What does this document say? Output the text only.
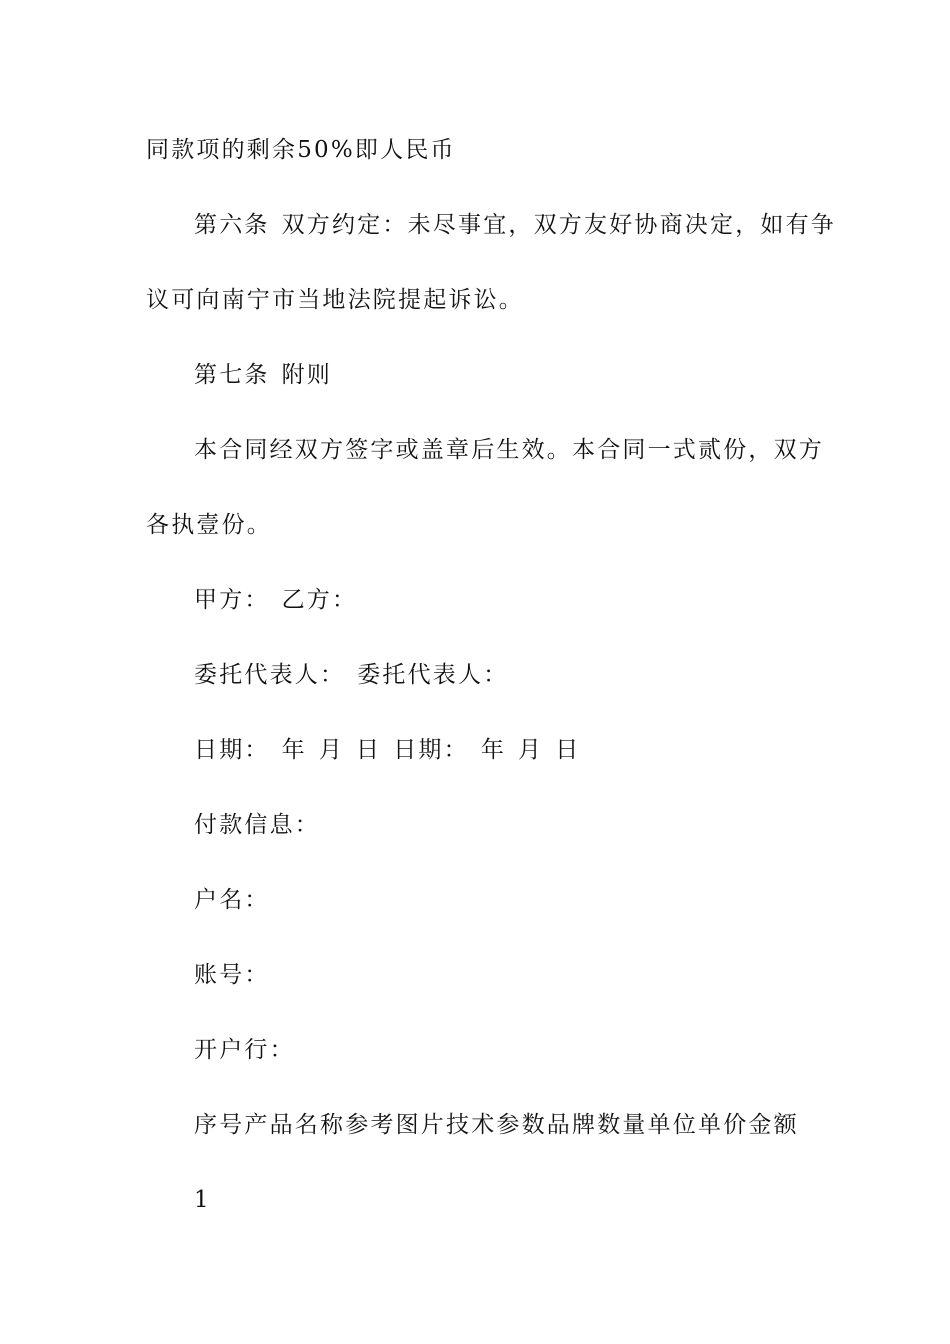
同款项的剩余50%即人民币
第六条 双方约定：未尽事宜，双方友好协商决定，如有争
议可向南宁市当地法院提起诉讼。
第七条 附则
本合同经双方签字或盖章后生效。本合同一式贰份，双方
各执壹份。
甲方： 乙方：
委托代表人： 委托代表人：
日期： 年 月 日 日期： 年 月 日
付款信息：
户名：
账号：
开户行：
序号产品名称参考图片技术参数品牌数量单位单价金额
1
